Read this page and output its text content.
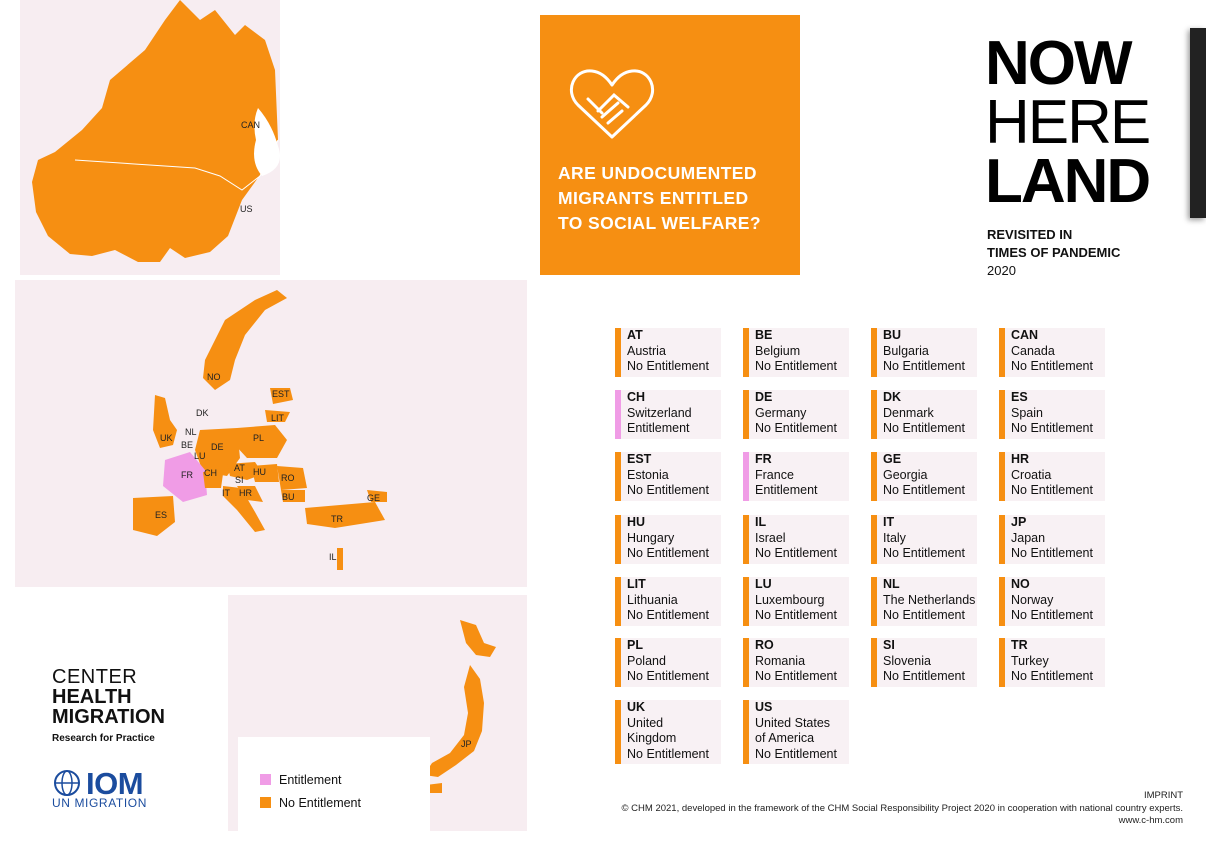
CAN
US
NO
EST
DK	LIT
NL
BE
UK	PL
DE
LU
AT HU
FR CH
SI	RO
IT HR	BU	GE
ES	TR
IL
JP
Entitlement
No Entitlement
ARE UNDOCUMENTED
MIGRANTS ENTITLED
TO SOCIAL WELFARE?
NOW
HERE
LAND
REVISITED IN
TIMES OF PANDEMIC
2020
AT
Austria
No Entitlement
BE
Belgium
No Entitlement
BU
Bulgaria
No Entitlement
CAN
Canada
No Entitlement
CH
Switzerland
Entitlement
DE
Germany
No Entitlement
DK
Denmark
No Entitlement
ES
Spain
No Entitlement
EST
Estonia
No Entitlement
FR
France
Entitlement
GE
Georgia
No Entitlement
HR
Croatia
No Entitlement
HU
Hungary
No Entitlement
IL
Israel
No Entitlement
IT
Italy
No Entitlement
JP
Japan
No Entitlement
LIT
Lithuania
No Entitlement
LU
Luxembourg
No Entitlement
NL
The Netherlands
No Entitlement
NO
Norway
No Entitlement
PL
Poland
No Entitlement
RO
Romania
No Entitlement
SI
Slovenia
No Entitlement
TR
Turkey
No Entitlement
UK
United
Kingdom
No Entitlement
US
United States
of America
No Entitlement
CENTER
HEALTH
MIGRATION
Research for Practice
IOM
UN MIGRATION
IMPRINT
© CHM 2021, developed in the framework of the CHM Social Responsibility Project 2020 in cooperation with national country experts.
www.c-hm.com
